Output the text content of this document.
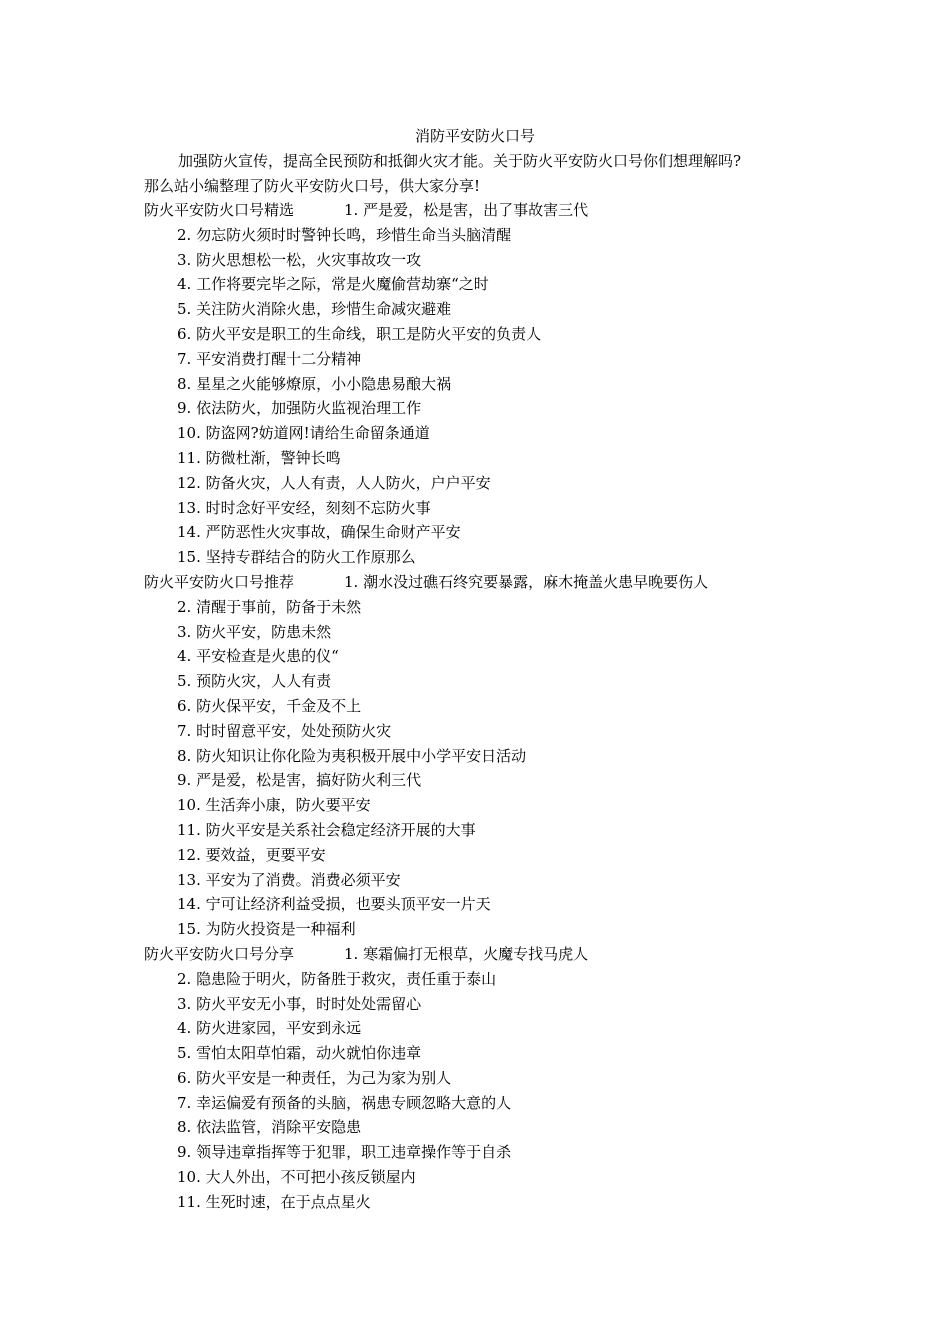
消防平安防火口号
加强防火宣传，提高全民预防和抵御火灾才能。关于防火平安防火口号你们想理解吗?
那么站小编整理了防火平安防火口号，供大家分享!
防火平安防火口号精选	1. 严是爱，松是害，出了事故害三代
2. 勿忘防火须时时警钟长鸣，珍惜生命当头脑清醒
3. 防火思想松一松，火灾事故攻一攻
4. 工作将要完毕之际，常是火魔偷营劫寨“之时
5. 关注防火消除火患，珍惜生命减灾避难
6. 防火平安是职工的生命线，职工是防火平安的负责人
7. 平安消费打醒十二分精神
8. 星星之火能够燎原，小小隐患易酿大祸
9. 依法防火，加强防火监视治理工作
10. 防盗网?妨道网!请给生命留条通道
11. 防微杜渐，警钟长鸣
12. 防备火灾，人人有责，人人防火，户户平安
13. 时时念好平安经，刻刻不忘防火事
14. 严防恶性火灾事故，确保生命财产平安
15. 坚持专群结合的防火工作原那么
防火平安防火口号推荐	1. 潮水没过礁石终究要暴露，麻木掩盖火患早晚要伤人
2. 清醒于事前，防备于未然
3. 防火平安，防患未然
4. 平安检查是火患的仪“
5. 预防火灾，人人有责
6. 防火保平安，千金及不上
7. 时时留意平安，处处预防火灾
8. 防火知识让你化险为夷积极开展中小学平安日活动
9. 严是爱，松是害，搞好防火利三代
10. 生活奔小康，防火要平安
11. 防火平安是关系社会稳定经济开展的大事
12. 要效益，更要平安
13. 平安为了消费。消费必须平安
14. 宁可让经济利益受损，也要头顶平安一片天
15. 为防火投资是一种福利
防火平安防火口号分享	1. 寒霜偏打无根草，火魔专找马虎人
2. 隐患险于明火，防备胜于救灾，责任重于泰山
3. 防火平安无小事，时时处处需留心
4. 防火进家园，平安到永远
5. 雪怕太阳草怕霜，动火就怕你违章
6. 防火平安是一种责任，为己为家为别人
7. 幸运偏爱有预备的头脑，祸患专顾忽略大意的人
8. 依法监管，消除平安隐患
9. 领导违章指挥等于犯罪，职工违章操作等于自杀
10. 大人外出，不可把小孩反锁屋内
11. 生死时速，在于点点星火
